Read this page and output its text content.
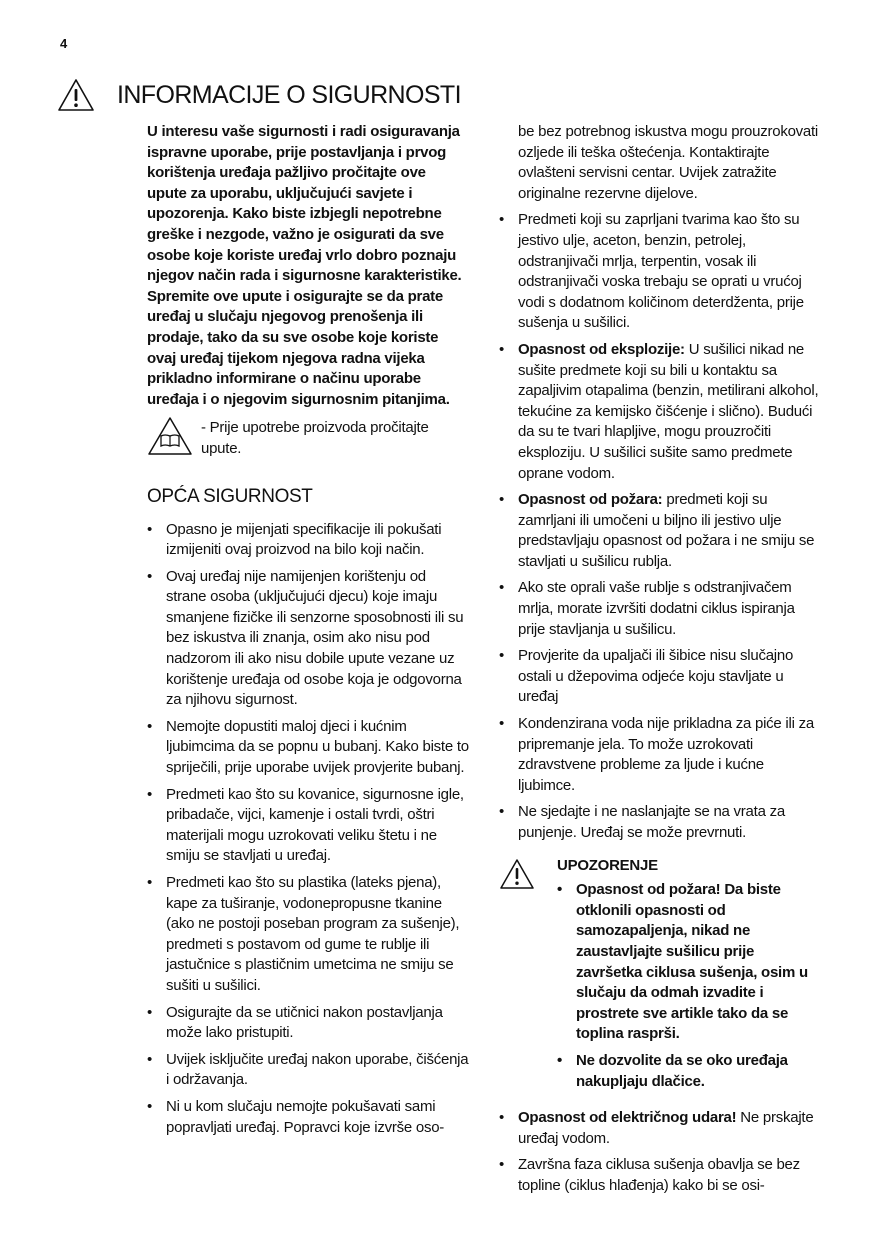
4
INFORMACIJE O SIGURNOSTI

U interesu vaše sigurnosti i radi osiguravanja ispravne uporabe, prije postavljanja i prvog korištenja uređaja pažljivo pročitajte ove upute za uporabu, uključujući savjete i upozorenja. Kako biste izbjegli nepotrebne greške i nezgode, važno je osigurati da sve osobe koje koriste uređaj vrlo dobro poznaju njegov način rada i sigurnosne karakteristike. Spremite ove upute i osigurajte se da prate uređaj u slučaju njegovog prenošenja ili prodaje, tako da su sve osobe koje koriste ovaj uređaj tijekom njegova radna vijeka prikladno informirane o načinu uporabe uređaja i o njegovim sigurnosnim pitanjima.

- Prije upotrebe proizvoda pročitajte upute.
OPĆA SIGURNOST
• Opasno je mijenjati specifikacije ili pokušati izmijeniti ovaj proizvod na bilo koji način.
• Ovaj uređaj nije namijenjen korištenju od strane osoba (uključujući djecu) koje imaju smanjene fizičke ili senzorne sposobnosti ili su bez iskustva ili znanja, osim ako nisu pod nadzorom ili ako nisu dobile upute vezane uz korištenje uređaja od osobe koja je odgovorna za njihovu sigurnost.
• Nemojte dopustiti maloj djeci i kućnim ljubimcima da se popnu u bubanj. Kako biste to spriječili, prije uporabe uvijek provjerite bubanj.
• Predmeti kao što su kovanice, sigurnosne igle, pribadače, vijci, kamenje i ostali tvrdi, oštri materijali mogu uzrokovati veliku štetu i ne smiju se stavljati u uređaj.
• Predmeti kao što su plastika (lateks pjena), kape za tuširanje, vodonepropusne tkanine (ako ne postoji poseban program za sušenje), predmeti s postavom od gume te rublje ili jastučnice s plastičnim umetcima ne smiju se sušiti u sušilici.
• Osigurajte da se utičnici nakon postavljanja može lako pristupiti.
• Uvijek isključite uređaj nakon uporabe, čišćenja i održavanja.
• Ni u kom slučaju nemojte pokušavati sami popravljati uređaj. Popravci koje izvrše oso-
be bez potrebnog iskustva mogu prouzrokovati ozljede ili teška oštećenja. Kontaktirajte ovlašteni servisni centar. Uvijek zatražite originalne rezervne dijelove.
• Predmeti koji su zaprljani tvarima kao što su jestivo ulje, aceton, benzin, petrolej, odstranjivači mrlja, terpentin, vosak ili odstranjivači voska trebaju se oprati u vrućoj vodi s dodatnom količinom deterdženta, prije sušenja u sušilici.
• Opasnost od eksplozije: U sušilici nikad ne sušite predmete koji su bili u kontaktu sa zapaljivim otapalima (benzin, metilirani alkohol, tekućine za kemijsko čišćenje i slično). Budući da su te tvari hlapljive, mogu prouzročiti eksploziju. U sušilici sušite samo predmete oprane vodom.
• Opasnost od požara: predmeti koji su zamrljani ili umočeni u biljno ili jestivo ulje predstavljaju opasnost od požara i ne smiju se stavljati u sušilicu rublja.
• Ako ste oprali vaše rublje s odstranjivačem mrlja, morate izvršiti dodatni ciklus ispiranja prije stavljanja u sušilicu.
• Provjerite da upaljači ili šibice nisu slučajno ostali u džepovima odjeće koju stavljate u uređaj
• Kondenzirana voda nije prikladna za piće ili za pripremanje jela. To može uzrokovati zdravstvene probleme za ljude i kućne ljubimce.
• Ne sjedajte i ne naslanjajte se na vrata za punjenje. Uređaj se može prevrnuti.
UPOZORENJE
• Opasnost od požara! Da biste otklonili opasnosti od samozapaljenja, nikad ne zaustavljajte sušilicu prije završetka ciklusa sušenja, osim u slučaju da odmah izvadite i prostrete sve artikle tako da se toplina rasprši.
• Ne dozvolite da se oko uređaja nakupljaju dlačice.
• Opasnost od električnog udara! Ne prskajte uređaj vodom.
• Završna faza ciklusa sušenja obavlja se bez topline (ciklus hlađenja) kako bi se osi-
